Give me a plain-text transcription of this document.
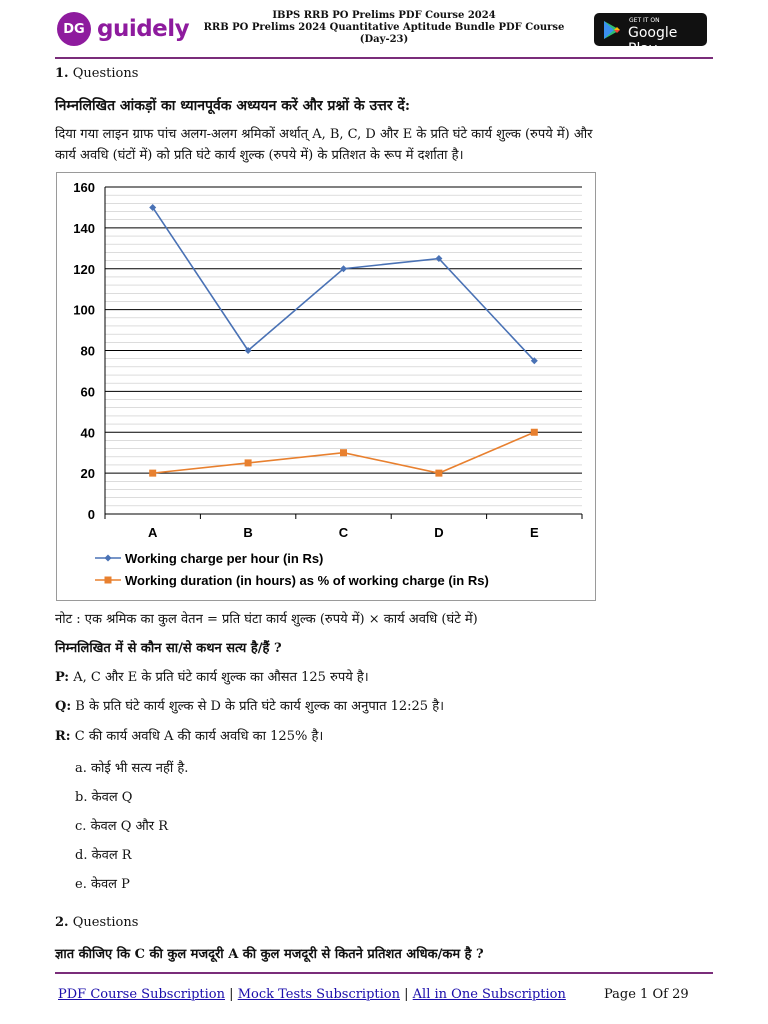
DG guidely
IBPS RRB PO Prelims PDF Course 2024
RRB PO Prelims 2024 Quantitative Aptitude Bundle PDF Course
(Day-23)
GET IT ON
Google Play
1. Questions
निम्नलिखित आंकड़ों का ध्यानपूर्वक अध्ययन करें और प्रश्नों के उत्तर दें:
दिया गया लाइन ग्राफ पांच अलग-अलग श्रमिकों अर्थात् A, B, C, D और E के प्रति घंटे कार्य शुल्क (रुपये में) और
कार्य अवधि (घंटों में) को प्रति घंटे कार्य शुल्क (रुपये में) के प्रतिशत के रूप में दर्शाता है।
0
20
40
60
80
100
120
140
160
A	B	C	D	E
Working charge per hour (in Rs)
Working duration (in hours) as % of working charge (in Rs)
नोट : एक श्रमिक का कुल वेतन = प्रति घंटा कार्य शुल्क (रुपये में) × कार्य अवधि (घंटे में)
निम्नलिखित में से कौन सा/से कथन सत्य है/हैं ?
P: A, C और E के प्रति घंटे कार्य शुल्क का औसत 125 रुपये है।
Q: B के प्रति घंटे कार्य शुल्क से D के प्रति घंटे कार्य शुल्क का अनुपात 12:25 है।
R: C की कार्य अवधि A की कार्य अवधि का 125% है।
a. कोई भी सत्य नहीं है.
b. केवल Q
c. केवल Q और R
d. केवल R
e. केवल P
2. Questions
ज्ञात कीजिए कि C की कुल मजदूरी A की कुल मजदूरी से कितने प्रतिशत अधिक/कम है ?
PDF Course Subscription | Mock Tests Subscription | All in One Subscription	Page 1 Of 29
